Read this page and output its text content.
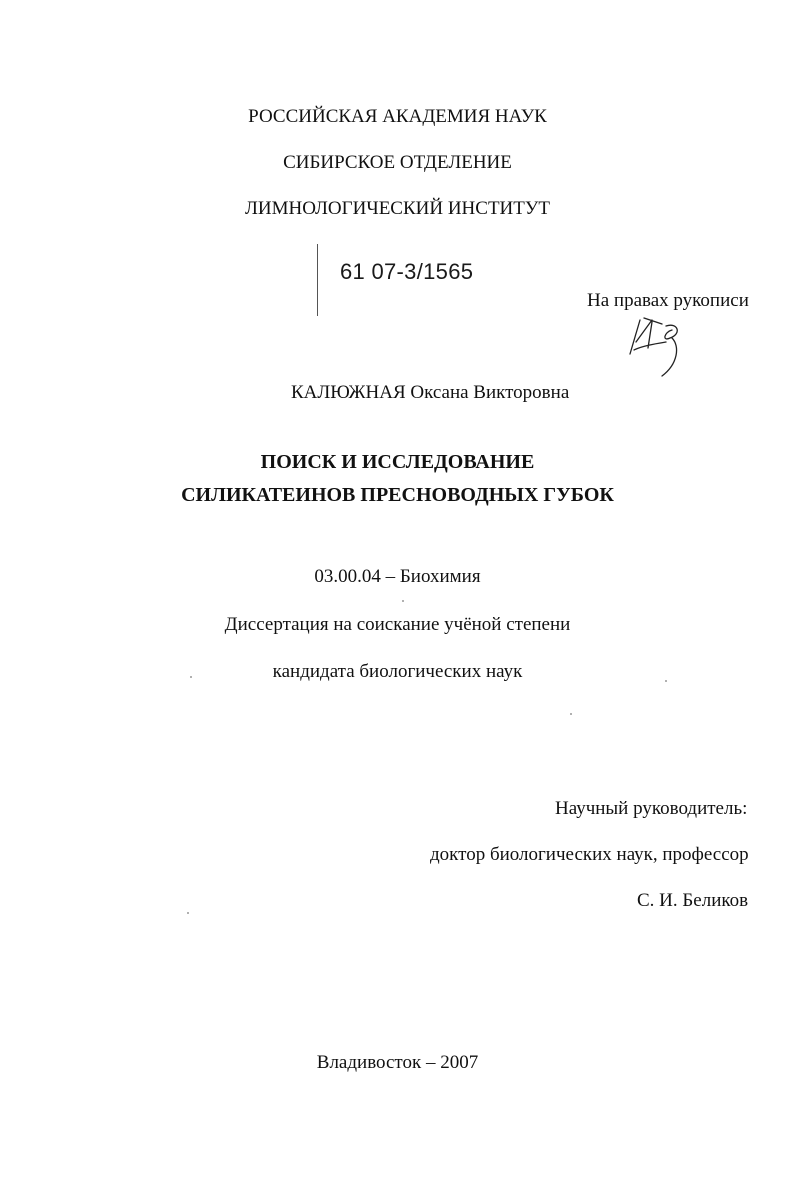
РОССИЙСКАЯ АКАДЕМИЯ НАУК
СИБИРСКОЕ ОТДЕЛЕНИЕ
ЛИМНОЛОГИЧЕСКИЙ ИНСТИТУТ
61 07-3/1565
На правах рукописи
КАЛЮЖНАЯ Оксана Викторовна
ПОИСК И ИССЛЕДОВАНИЕ
СИЛИКАТЕИНОВ ПРЕСНОВОДНЫХ ГУБОК
03.00.04 – Биохимия
Диссертация на соискание учёной степени
кандидата биологических наук
Научный руководитель:
доктор биологических наук, профессор
С. И. Беликов
Владивосток – 2007
